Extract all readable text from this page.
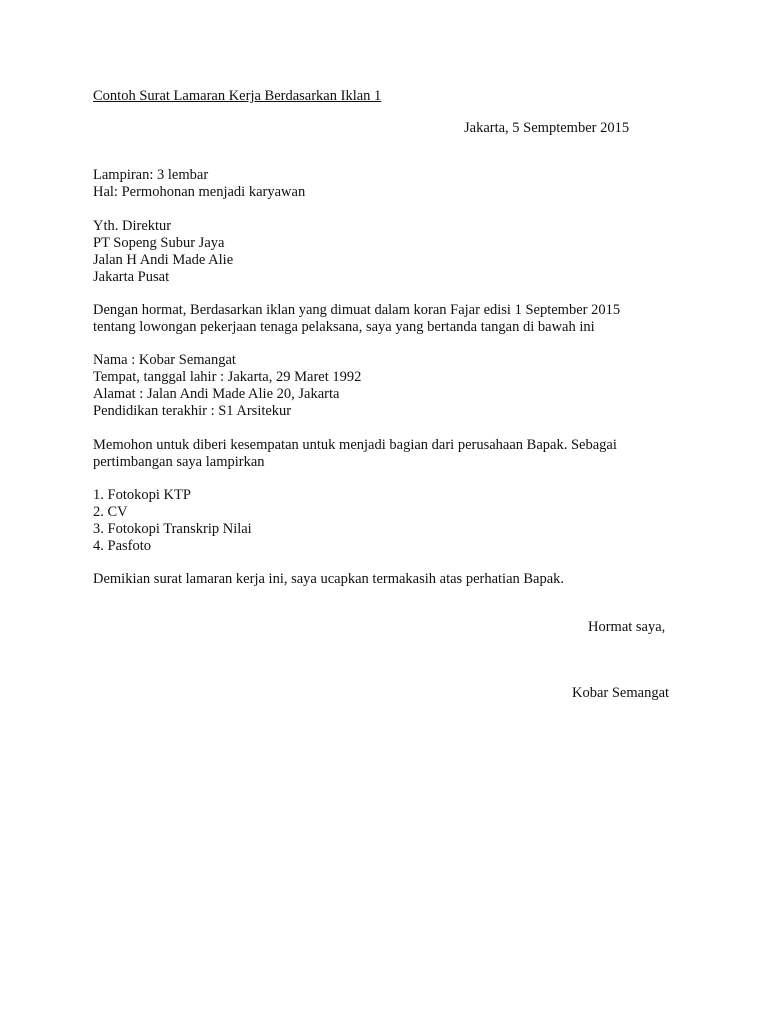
Contoh Surat Lamaran Kerja Berdasarkan Iklan 1
Jakarta, 5 Semptember 2015
Lampiran: 3 lembar
Hal: Permohonan menjadi karyawan
Yth. Direktur
PT Sopeng Subur Jaya
Jalan H Andi Made Alie
Jakarta Pusat
Dengan hormat, Berdasarkan iklan yang dimuat dalam koran Fajar edisi 1 September 2015
tentang lowongan pekerjaan tenaga pelaksana, saya yang bertanda tangan di bawah ini
Nama : Kobar Semangat
Tempat, tanggal lahir : Jakarta, 29 Maret 1992
Alamat : Jalan Andi Made Alie 20, Jakarta
Pendidikan terakhir : S1 Arsitekur
Memohon untuk diberi kesempatan untuk menjadi bagian dari perusahaan Bapak. Sebagai
pertimbangan saya lampirkan
1. Fotokopi KTP
2. CV
3. Fotokopi Transkrip Nilai
4. Pasfoto
Demikian surat lamaran kerja ini, saya ucapkan termakasih atas perhatian Bapak.
Hormat saya,
Kobar Semangat
